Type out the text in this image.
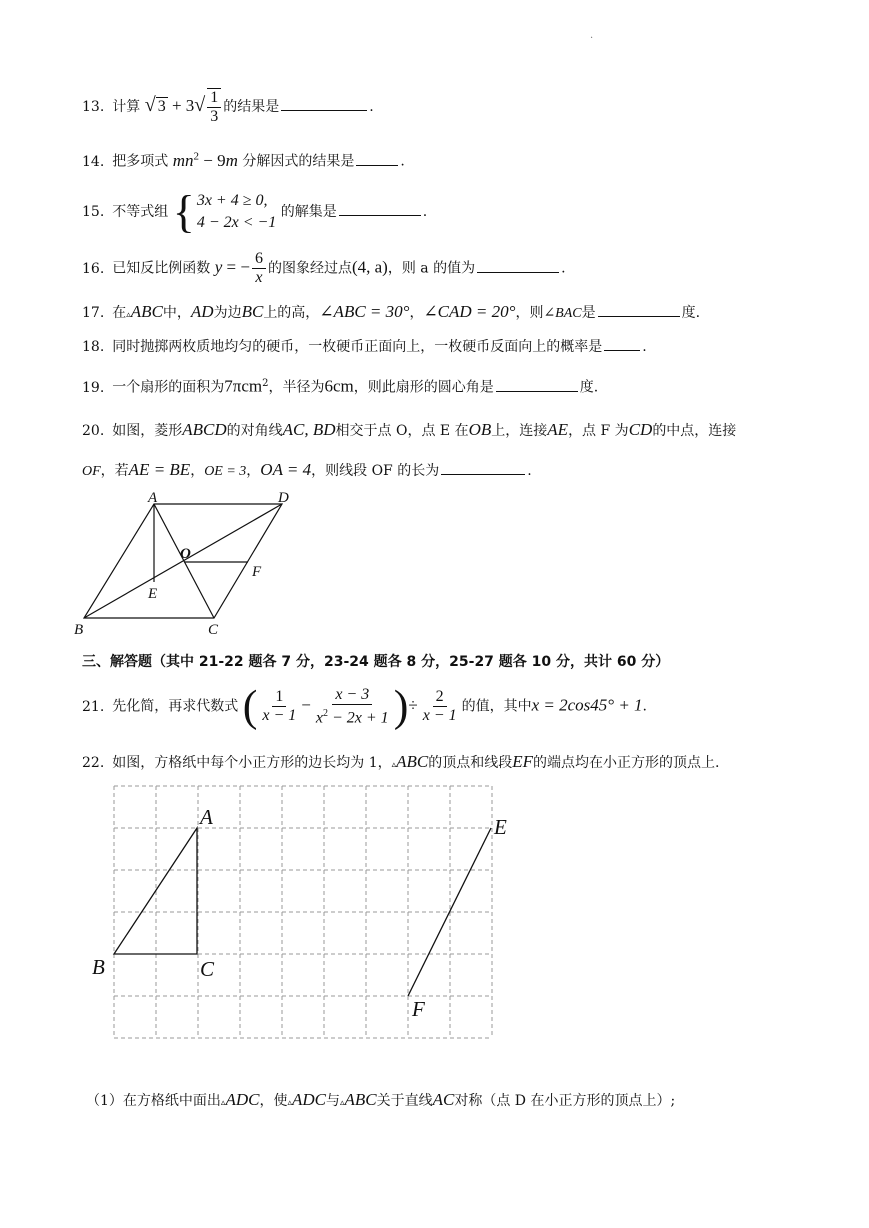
.
13. 计算 √ $3 + 3√ \frac{1}{3}$ 的结果是	.
14. 把多项式 $mn^2 - 9m$ 分解因式的结果是	.
15. 不等式组 { 3x + 4 ≥ 0,
4 − 2x < −1
的解集是	.
16. 已知反比例函数 y = − $\frac{6}{x}$ 的图象经过点(4, a)，则 a 的值为	.
17. 在▵ABC中，AD为边BC上的高，∠ABC = 30°，∠CAD = 20°，则∠BAC是	度.
18. 同时抛掷两枚质地均匀的硬币，一枚硬币正面向上，一枚硬币反面向上的概率是	.
19. 一个扇形的面积为7πcm$^2$，半径为6cm，则此扇形的圆心角是	度.
20. 如图，菱形ABCD的对角线AC, BD相交于点 O，点 E 在OB上，连接AE，点 F 为CD的中点，连接
OF，若AE = BE，OE = 3，OA = 4，则线段 OF 的长为	.
A	D
B	C
E
F
O
三、解答题（其中 21-22 题各 7 分，23-24 题各 8 分，25-27 题各 10 分，共计 60 分）
21. 先化简，再求代数式 ( $\frac{1}{x - 1} - \frac{x - 3}{x^2 - 2x + 1}$ )÷ $\frac{2}{x - 1}$ 的值，其中x = 2cos45° + 1.
22. 如图，方格纸中每个小正方形的边长均为 1，▵ABC的顶点和线段EF的端点均在小正方形的顶点上.
A
B	C
E
F
（1）在方格纸中面出▵ADC，使▵ADC与▵ABC关于直线AC对称（点 D 在小正方形的顶点上）;
